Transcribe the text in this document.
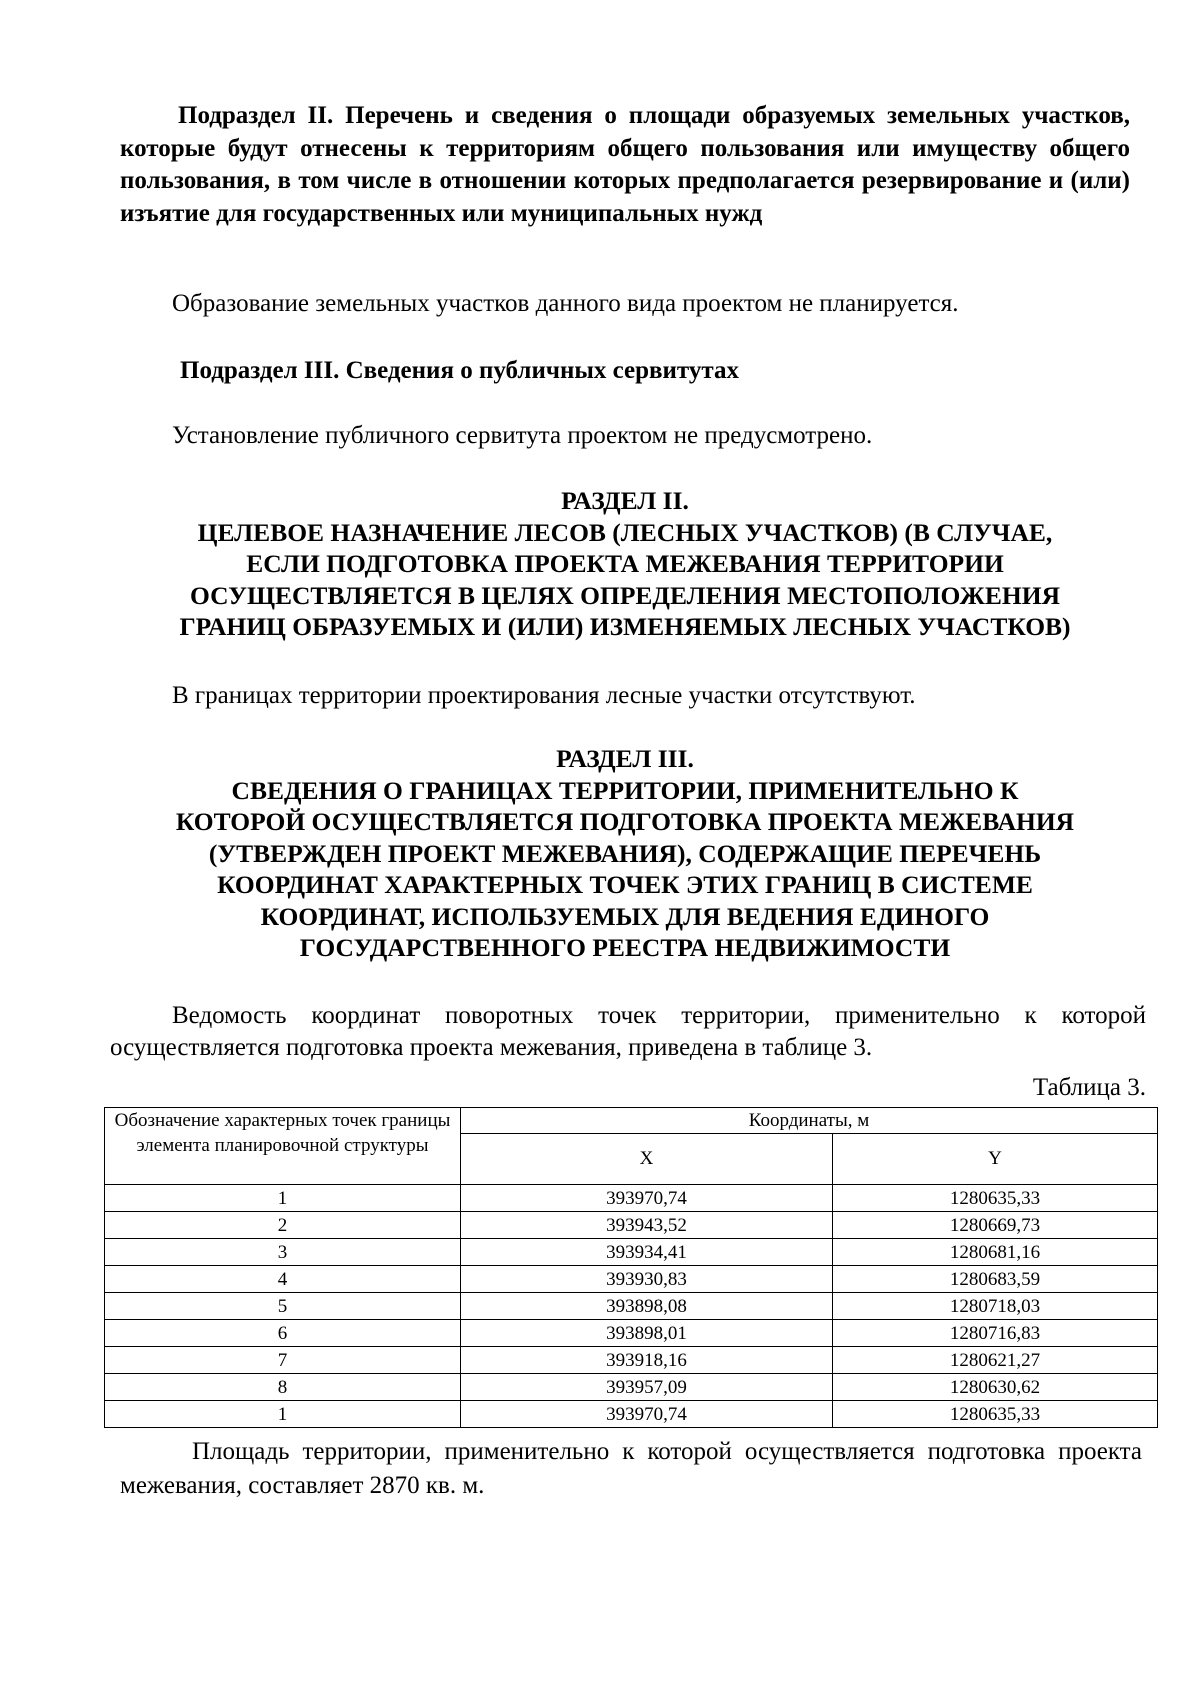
Подраздел II. Перечень и сведения о площади образуемых земельных участков, которые будут отнесены к территориям общего пользования или имуществу общего пользования, в том числе в отношении которых предполагается резервирование и (или) изъятие для государственных или муниципальных нужд

Образование земельных участков данного вида проектом не планируется.

Подраздел III. Сведения о публичных сервитутах

Установление публичного сервитута проектом не предусмотрено.

РАЗДЕЛ II.
ЦЕЛЕВОЕ НАЗНАЧЕНИЕ ЛЕСОВ (ЛЕСНЫХ УЧАСТКОВ) (В СЛУЧАЕ,
ЕСЛИ ПОДГОТОВКА ПРОЕКТА МЕЖЕВАНИЯ ТЕРРИТОРИИ
ОСУЩЕСТВЛЯЕТСЯ В ЦЕЛЯХ ОПРЕДЕЛЕНИЯ МЕСТОПОЛОЖЕНИЯ
ГРАНИЦ ОБРАЗУЕМЫХ И (ИЛИ) ИЗМЕНЯЕМЫХ ЛЕСНЫХ УЧАСТКОВ)

В границах территории проектирования лесные участки отсутствуют.

РАЗДЕЛ III.
СВЕДЕНИЯ О ГРАНИЦАХ ТЕРРИТОРИИ, ПРИМЕНИТЕЛЬНО К
КОТОРОЙ ОСУЩЕСТВЛЯЕТСЯ ПОДГОТОВКА ПРОЕКТА МЕЖЕВАНИЯ
(УТВЕРЖДЕН ПРОЕКТ МЕЖЕВАНИЯ), СОДЕРЖАЩИЕ ПЕРЕЧЕНЬ
КООРДИНАТ ХАРАКТЕРНЫХ ТОЧЕК ЭТИХ ГРАНИЦ В СИСТЕМЕ
КООРДИНАТ, ИСПОЛЬЗУЕМЫХ ДЛЯ ВЕДЕНИЯ ЕДИНОГО
ГОСУДАРСТВЕННОГО РЕЕСТРА НЕДВИЖИМОСТИ

Ведомость координат поворотных точек территории, применительно к которой осуществляется подготовка проекта межевания, приведена в таблице 3.

Таблица 3.

Обозначение характерных точек границы элемента планировочной структуры	Координаты, м	
	X	Y
1	393970,74	1280635,33
2	393943,52	1280669,73
3	393934,41	1280681,16
4	393930,83	1280683,59
5	393898,08	1280718,03
6	393898,01	1280716,83
7	393918,16	1280621,27
8	393957,09	1280630,62
1	393970,74	1280635,33

Площадь территории, применительно к которой осуществляется подготовка проекта межевания, составляет 2870 кв. м.
